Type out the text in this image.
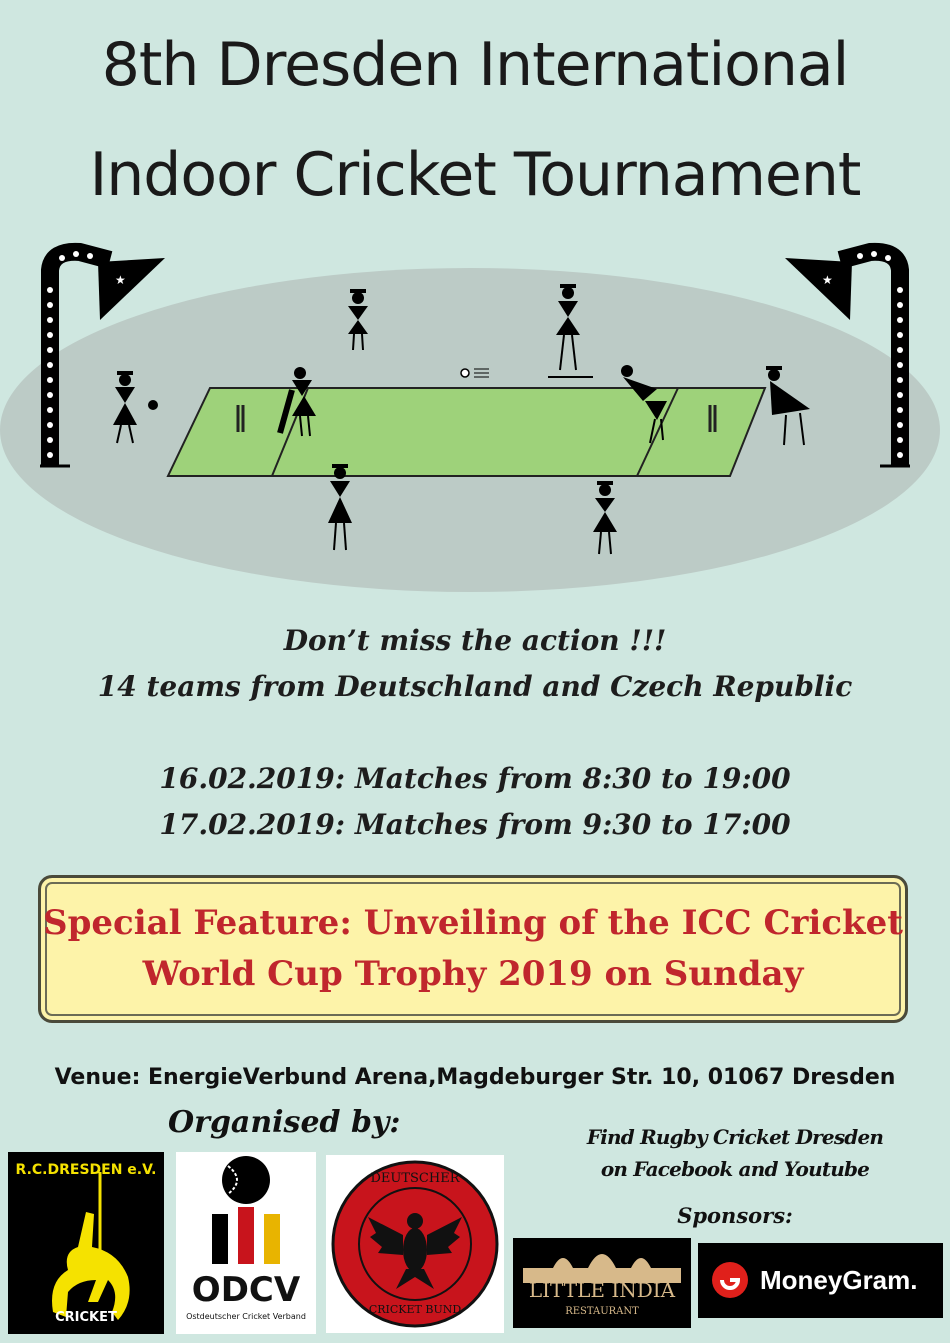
8th Dresden International
Indoor Cricket Tournament
★	★
Don’t miss the action !!!
14 teams from Deutschland and Czech Republic
16.02.2019: Matches from 8:30 to 19:00
17.02.2019: Matches from 9:30 to 17:00
Special Feature: Unveiling of the ICC Cricket
World Cup Trophy 2019 on Sunday
Venue: EnergieVerbund Arena,Magdeburger Str. 10, 01067 Dresden
Organised by:	Find Rugby Cricket Dresden
on Facebook and Youtube
Sponsors:
R.C.DRESDEN e.V.
CRICKET
ODCV
Ostdeutscher Cricket Verband
DEUTSCHER
CRICKET BUND
LITTLE INDIA
RESTAURANT
MoneyGram.
